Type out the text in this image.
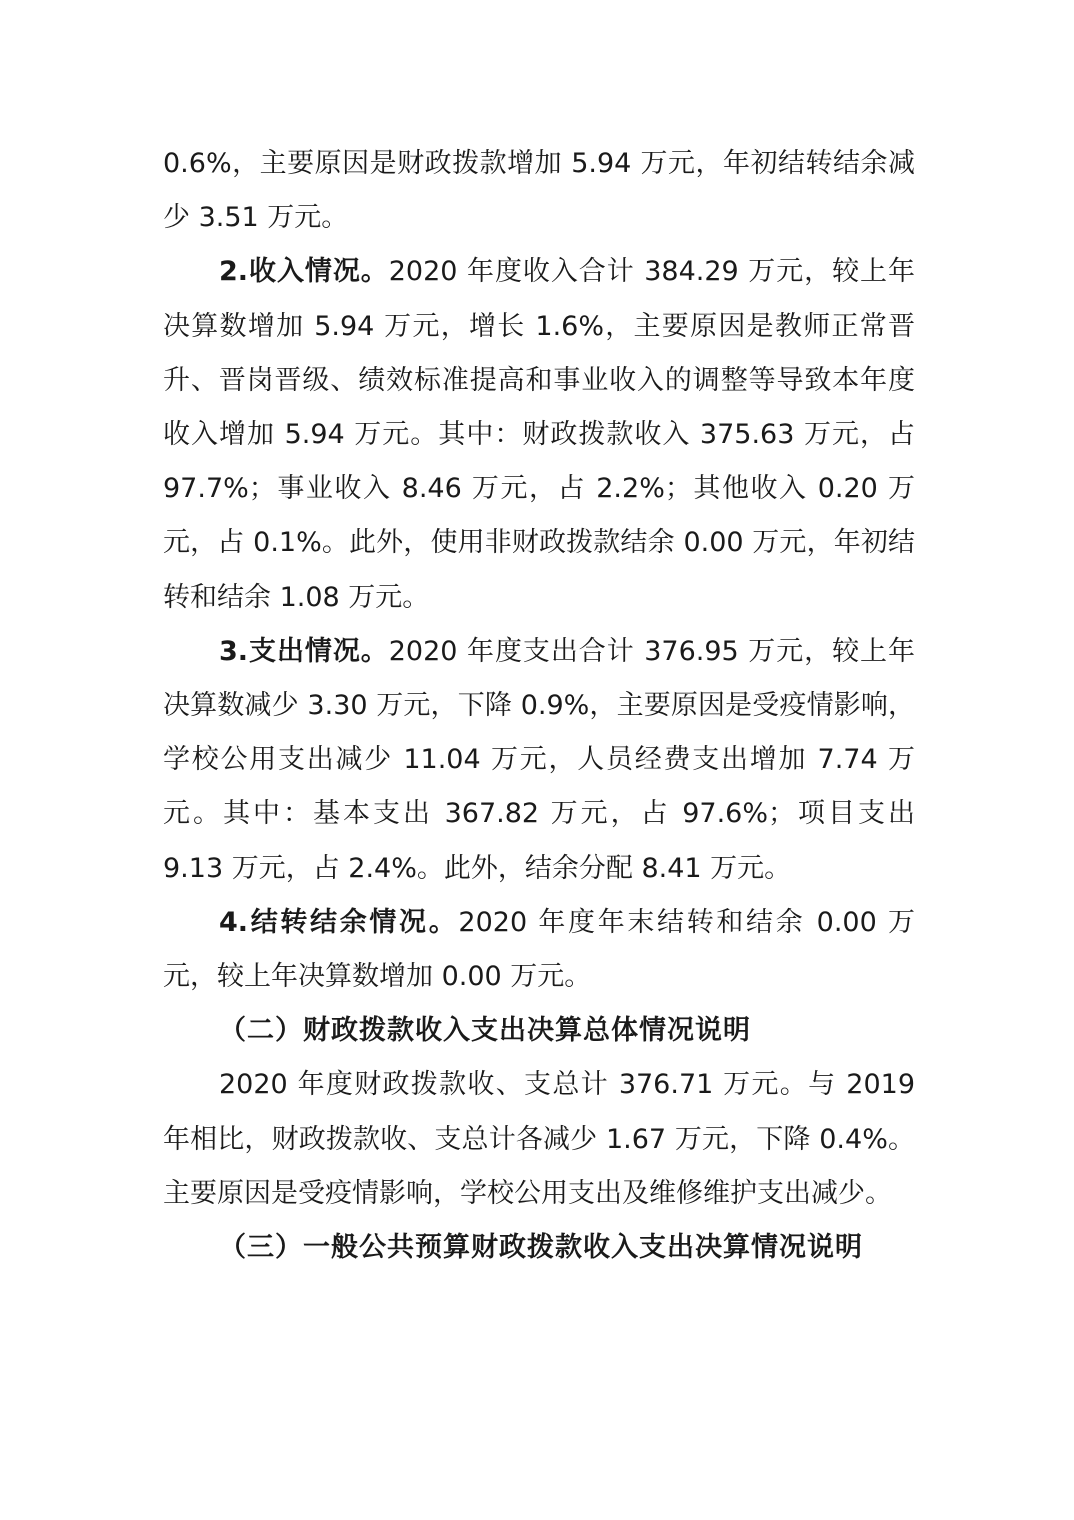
0.6%，主要原因是财政拨款增加 5.94 万元，年初结转结余减少 3.51 万元。

2.收入情况。2020 年度收入合计 384.29 万元，较上年决算数增加 5.94 万元，增长 1.6%，主要原因是教师正常晋升、晋岗晋级、绩效标准提高和事业收入的调整等导致本年度收入增加 5.94 万元。其中：财政拨款收入 375.63 万元，占 97.7%；事业收入 8.46 万元，占 2.2%；其他收入 0.20 万元，占 0.1%。此外，使用非财政拨款结余 0.00 万元，年初结转和结余 1.08 万元。

3.支出情况。2020 年度支出合计 376.95 万元，较上年决算数减少 3.30 万元，下降 0.9%，主要原因是受疫情影响，学校公用支出减少 11.04 万元，人员经费支出增加 7.74 万元。其中：基本支出 367.82 万元，占 97.6%；项目支出 9.13 万元，占 2.4%。此外，结余分配 8.41 万元。

4.结转结余情况。2020 年度年末结转和结余 0.00 万元，较上年决算数增加 0.00 万元。

（二）财政拨款收入支出决算总体情况说明

2020 年度财政拨款收、支总计 376.71 万元。与 2019 年相比，财政拨款收、支总计各减少 1.67 万元，下降 0.4%。主要原因是受疫情影响，学校公用支出及维修维护支出减少。

（三）一般公共预算财政拨款收入支出决算情况说明
